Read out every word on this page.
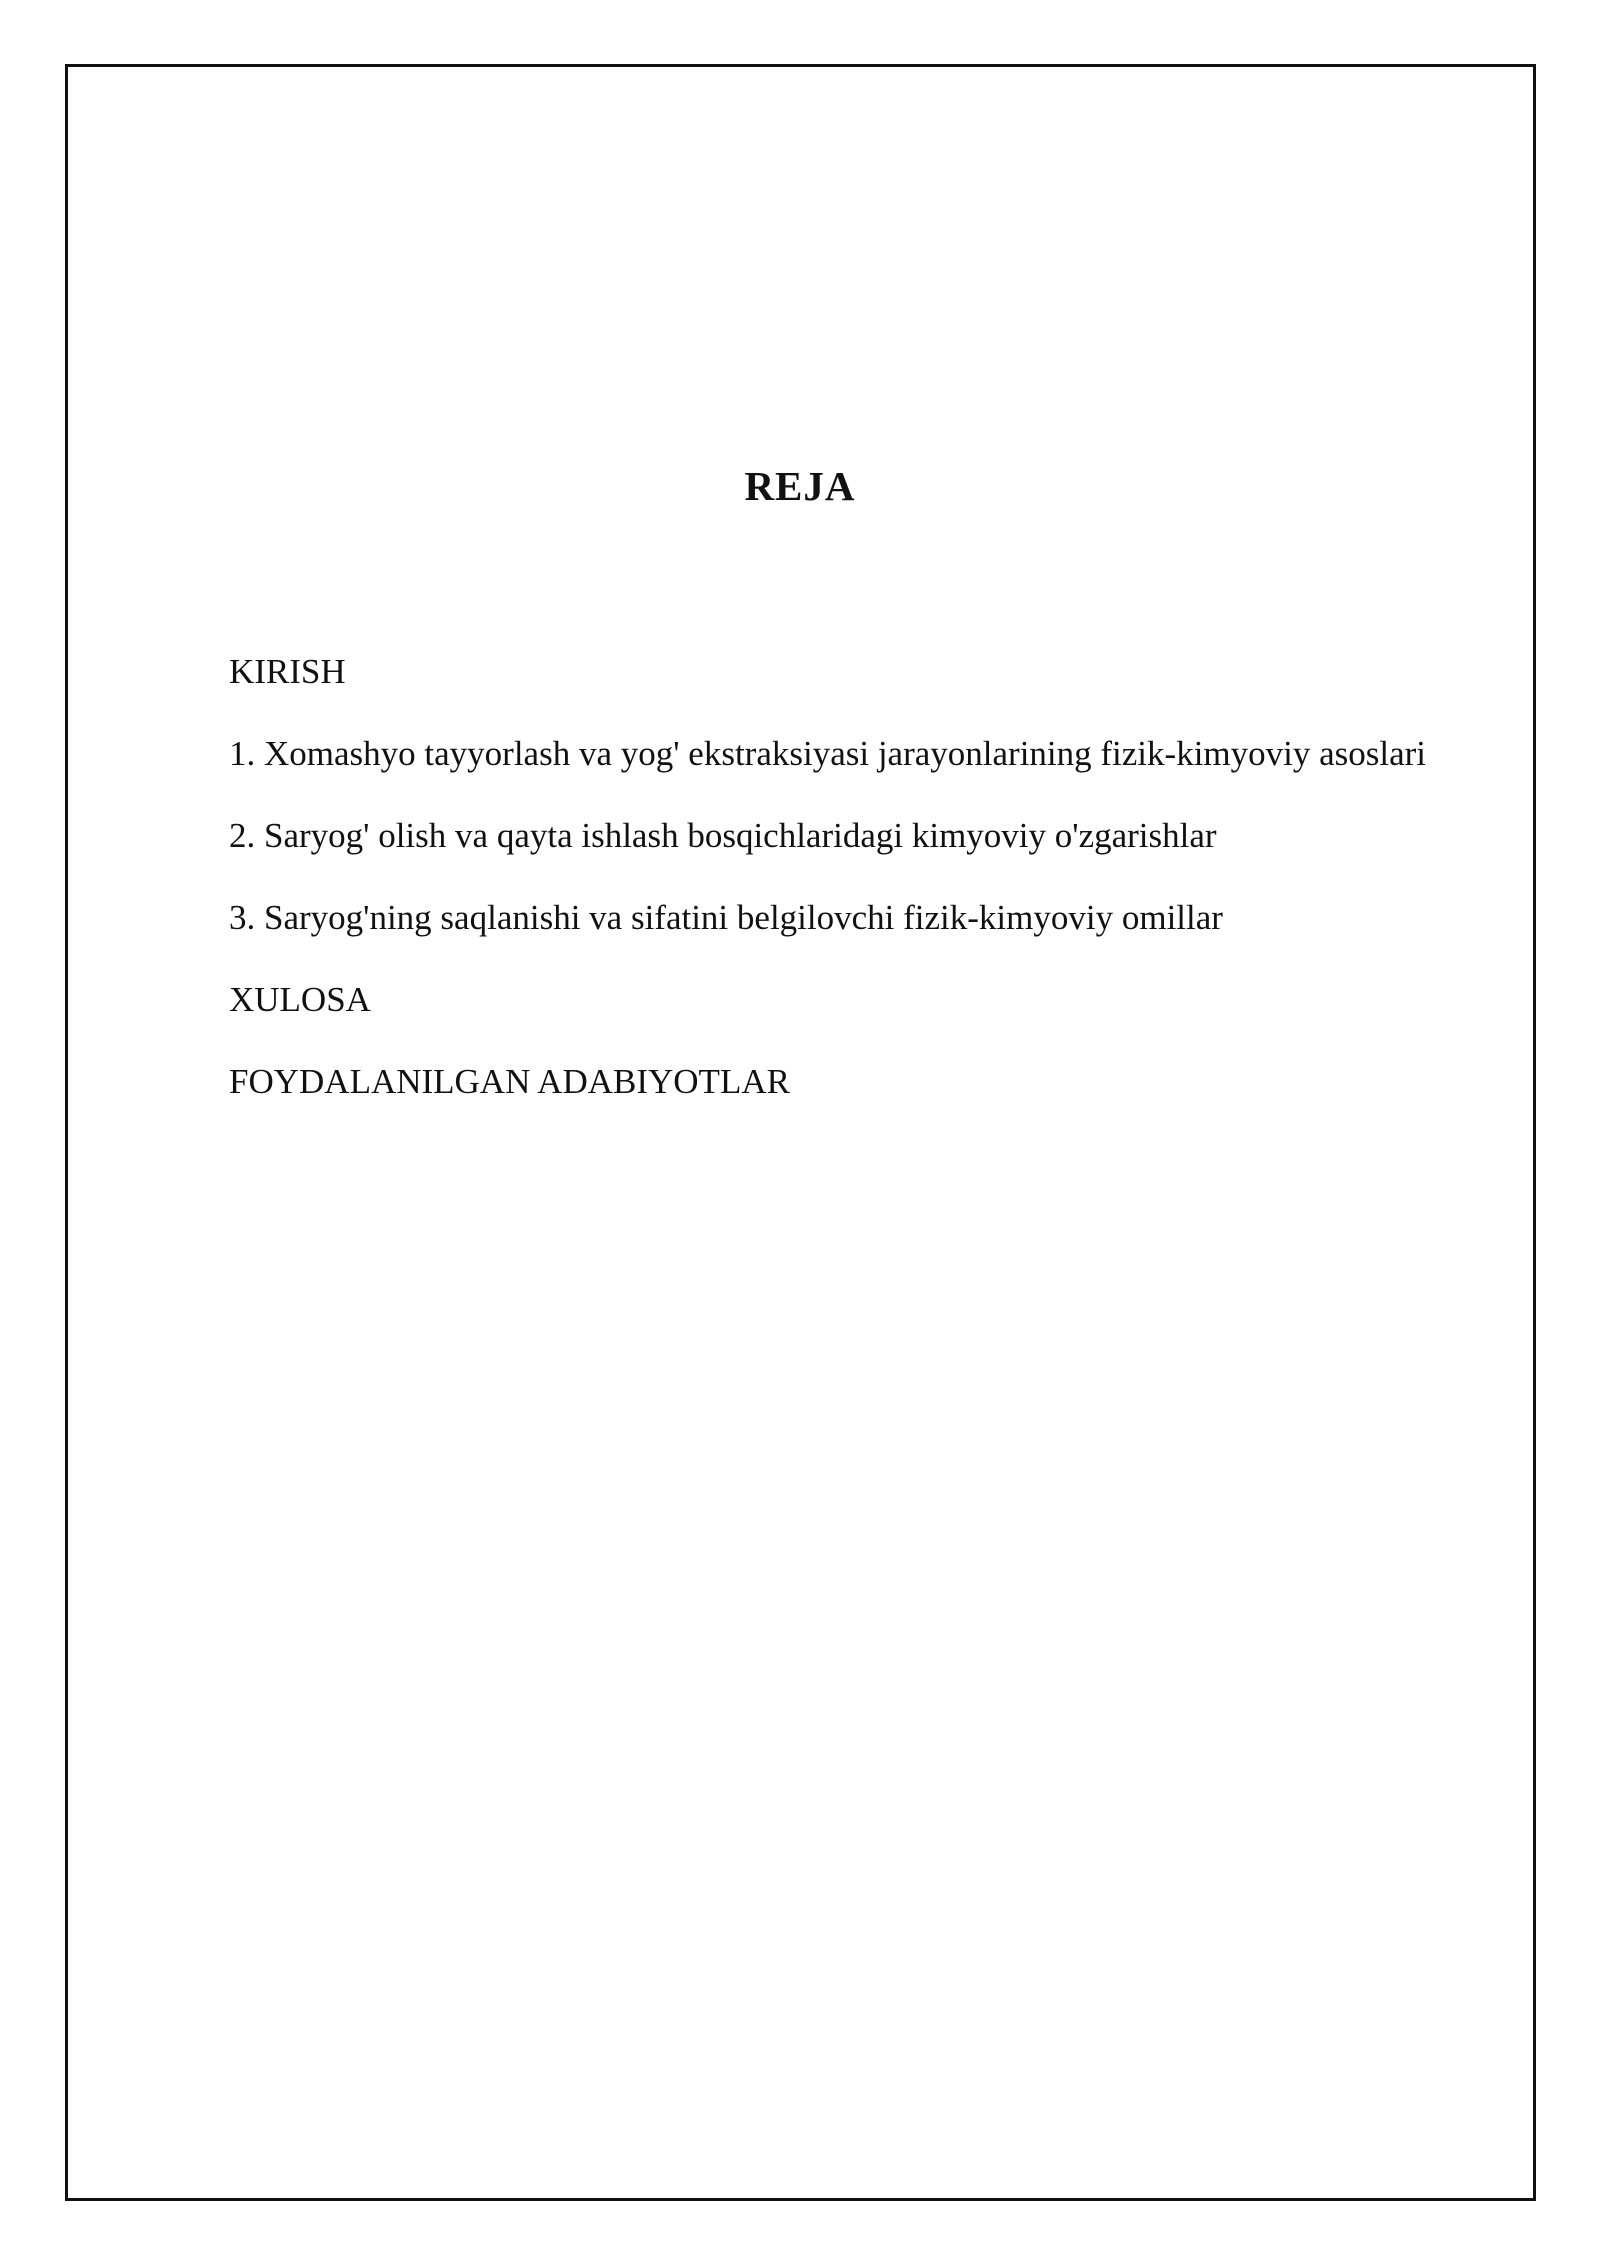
REJA
KIRISH
1. Xomashyo tayyorlash va yog' ekstraksiyasi jarayonlarining fizik-kimyoviy asoslari
2. Saryog' olish va qayta ishlash bosqichlaridagi kimyoviy o'zgarishlar
3. Saryog'ning saqlanishi va sifatini belgilovchi fizik-kimyoviy omillar
XULOSA
FOYDALANILGAN ADABIYOTLAR
